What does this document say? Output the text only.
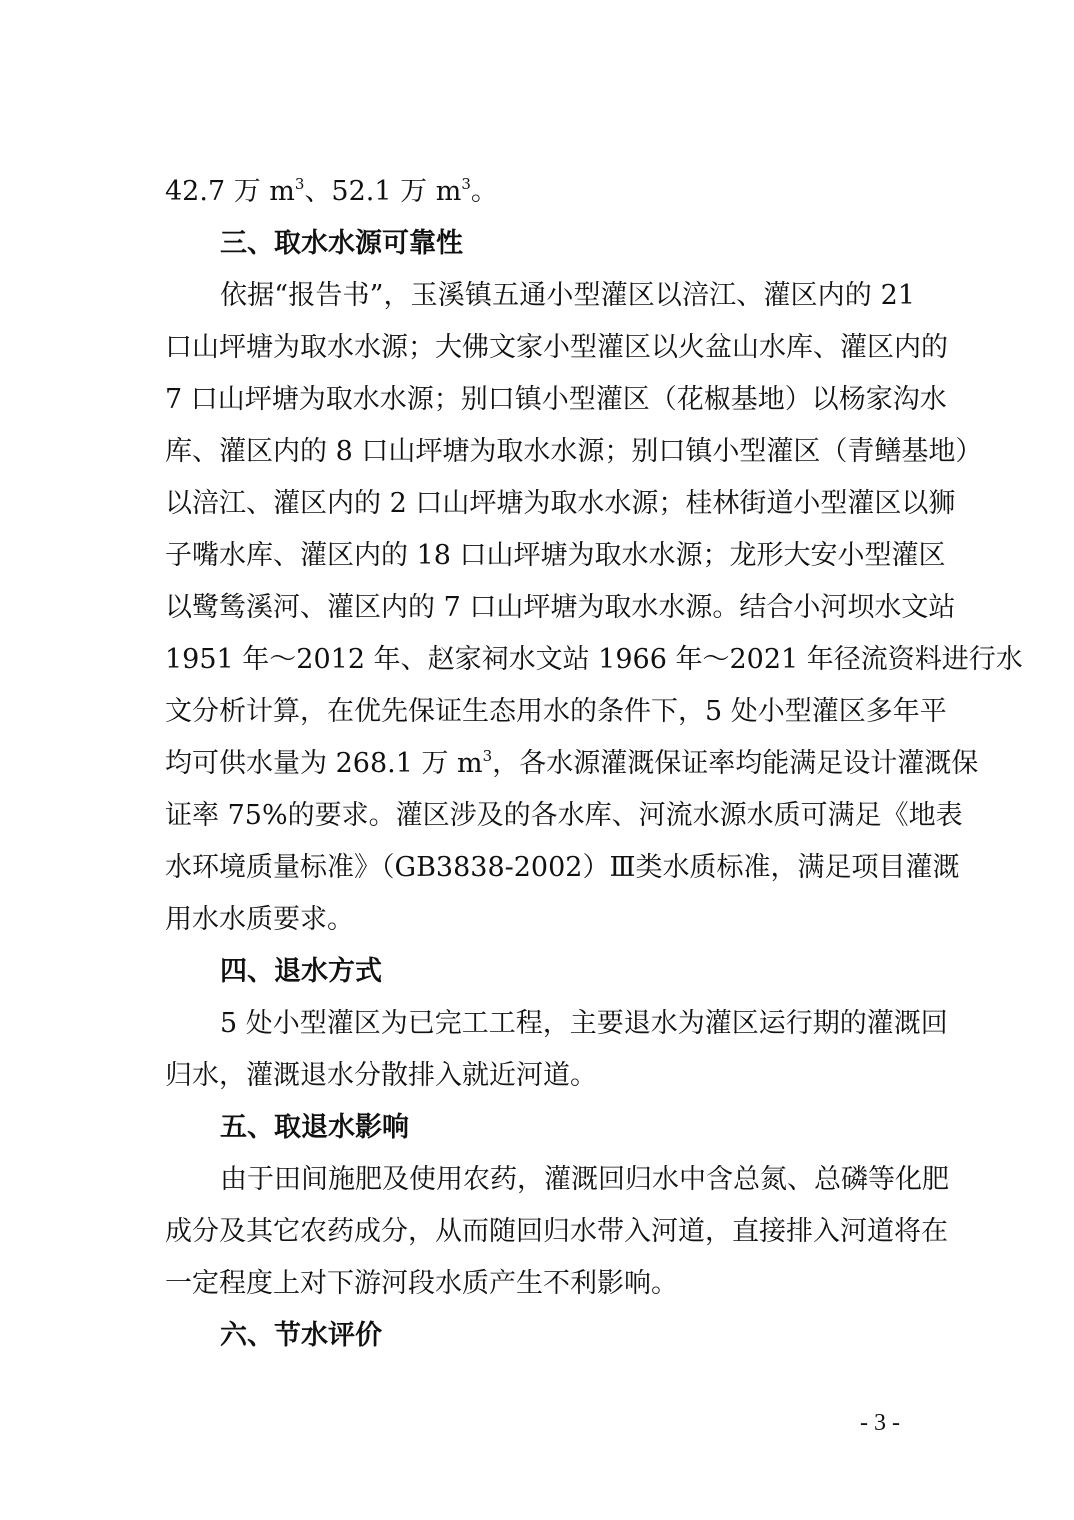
42.7 万 $m^3$、52.1 万 $m^3$。
三、取水水源可靠性
依据“报告书”，玉溪镇五通小型灌区以涪江、灌区内的 21
口山坪塘为取水水源；大佛文家小型灌区以火盆山水库、灌区内的
7 口山坪塘为取水水源；别口镇小型灌区（花椒基地）以杨家沟水
库、灌区内的 8 口山坪塘为取水水源；别口镇小型灌区（青鳝基地）
以涪江、灌区内的 2 口山坪塘为取水水源；桂林街道小型灌区以狮
子嘴水库、灌区内的 18 口山坪塘为取水水源；龙形大安小型灌区
以鹭鸶溪河、灌区内的 7 口山坪塘为取水水源。结合小河坝水文站
1951 年～2012 年、赵家祠水文站 1966 年～2021 年径流资料进行水
文分析计算，在优先保证生态用水的条件下，5 处小型灌区多年平
均可供水量为 268.1 万 $m^3$，各水源灌溉保证率均能满足设计灌溉保
证率 75%的要求。灌区涉及的各水库、河流水源水质可满足《地表
水环境质量标准》（GB3838-2002）Ⅲ类水质标准，满足项目灌溉
用水水质要求。
四、退水方式
5 处小型灌区为已完工工程，主要退水为灌区运行期的灌溉回
归水，灌溉退水分散排入就近河道。
五、取退水影响
由于田间施肥及使用农药，灌溉回归水中含总氮、总磷等化肥
成分及其它农药成分，从而随回归水带入河道，直接排入河道将在
一定程度上对下游河段水质产生不利影响。
六、节水评价
- 3 -
